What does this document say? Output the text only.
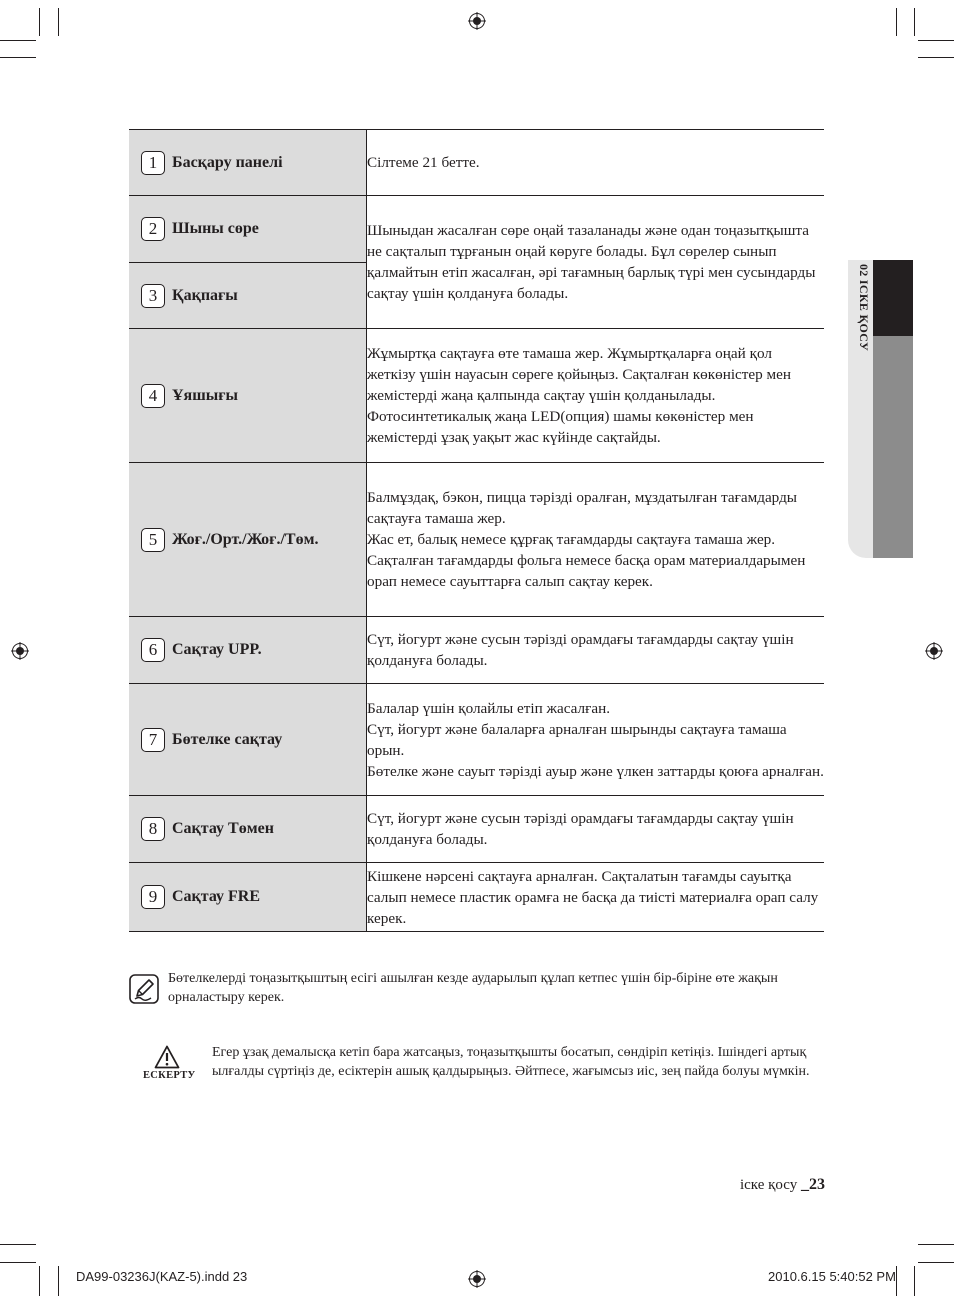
02 ІСКЕ ҚОСУ
1 Басқару панелі	Сілтеме 21 бетте.

2 Шыны сөре	Шыныдан жасалған сөре оңай тазаланады және одан тоңазытқышта не сақталып тұрғанын оңай көруге болады. Бұл сөрелер сынып қалмайтын етіп жасалған, әрі тағамның барлық түрі мен сусындарды сақтау үшін қолдануға болады.

3 Қақпағы	

4 Ұяшығы	Жұмыртқа сақтауға өте тамаша жер. Жұмыртқаларға оңай қол жеткізу үшін науасын сөреге қойыңыз. Сақталған көкөністер мен жемістерді жаңа қалпында сақтау үшін қолданылады. Фотосинтетикалық жаңа LED(опция) шамы көкөністер мен жемістерді ұзақ уақыт жас күйінде сақтайды.

5 Жоғ./Орт./Жоғ./Төм.	Балмұздақ, бэкон, пицца тәрізді оралған, мұздатылған тағамдарды сақтауға тамаша жер.
Жас ет, балық немесе құрғақ тағамдарды сақтауға тамаша жер.
Сақталған тағамдарды фольга немесе басқа орам материалдарымен орап немесе сауыттарға салып сақтау керек.

6 Сақтау UPP.	Сүт, йогурт және сусын тәрізді орамдағы тағамдарды сақтау үшін қолдануға болады.

7 Бөтелке сақтау	Балалар үшін қолайлы етіп жасалған.
Сүт, йогурт және балаларға арналған шырынды сақтауға тамаша орын.
Бөтелке және сауыт тәрізді ауыр және үлкен заттарды қоюға арналған.

8 Сақтау Төмен	Сүт, йогурт және сусын тәрізді орамдағы тағамдарды сақтау үшін қолдануға болады.

9 Сақтау FRE	Кішкене нәрсені сақтауға арналған. Сақталатын тағамды сауытқа салып немесе пластик орамға не басқа да тиісті материалға орап салу керек.
Бөтелкелерді тоңазытқыштың есігі ашылған кезде аударылып құлап кетпес үшін бір-біріне өте жақын орналастыру керек.
ЕСКЕРТУ
Егер ұзақ демалысқа кетіп бара жатсаңыз, тоңазытқышты босатып, сөндіріп кетіңіз. Ішіндегі артық ылғалды сүртіңіз де, есіктерін ашық қалдырыңыз. Әйтпесе, жағымсыз иіс, зең пайда болуы мүмкін.
іске қосу _23
DA99-03236J(KAZ-5).indd 23	2010.6.15 5:40:52 PM
